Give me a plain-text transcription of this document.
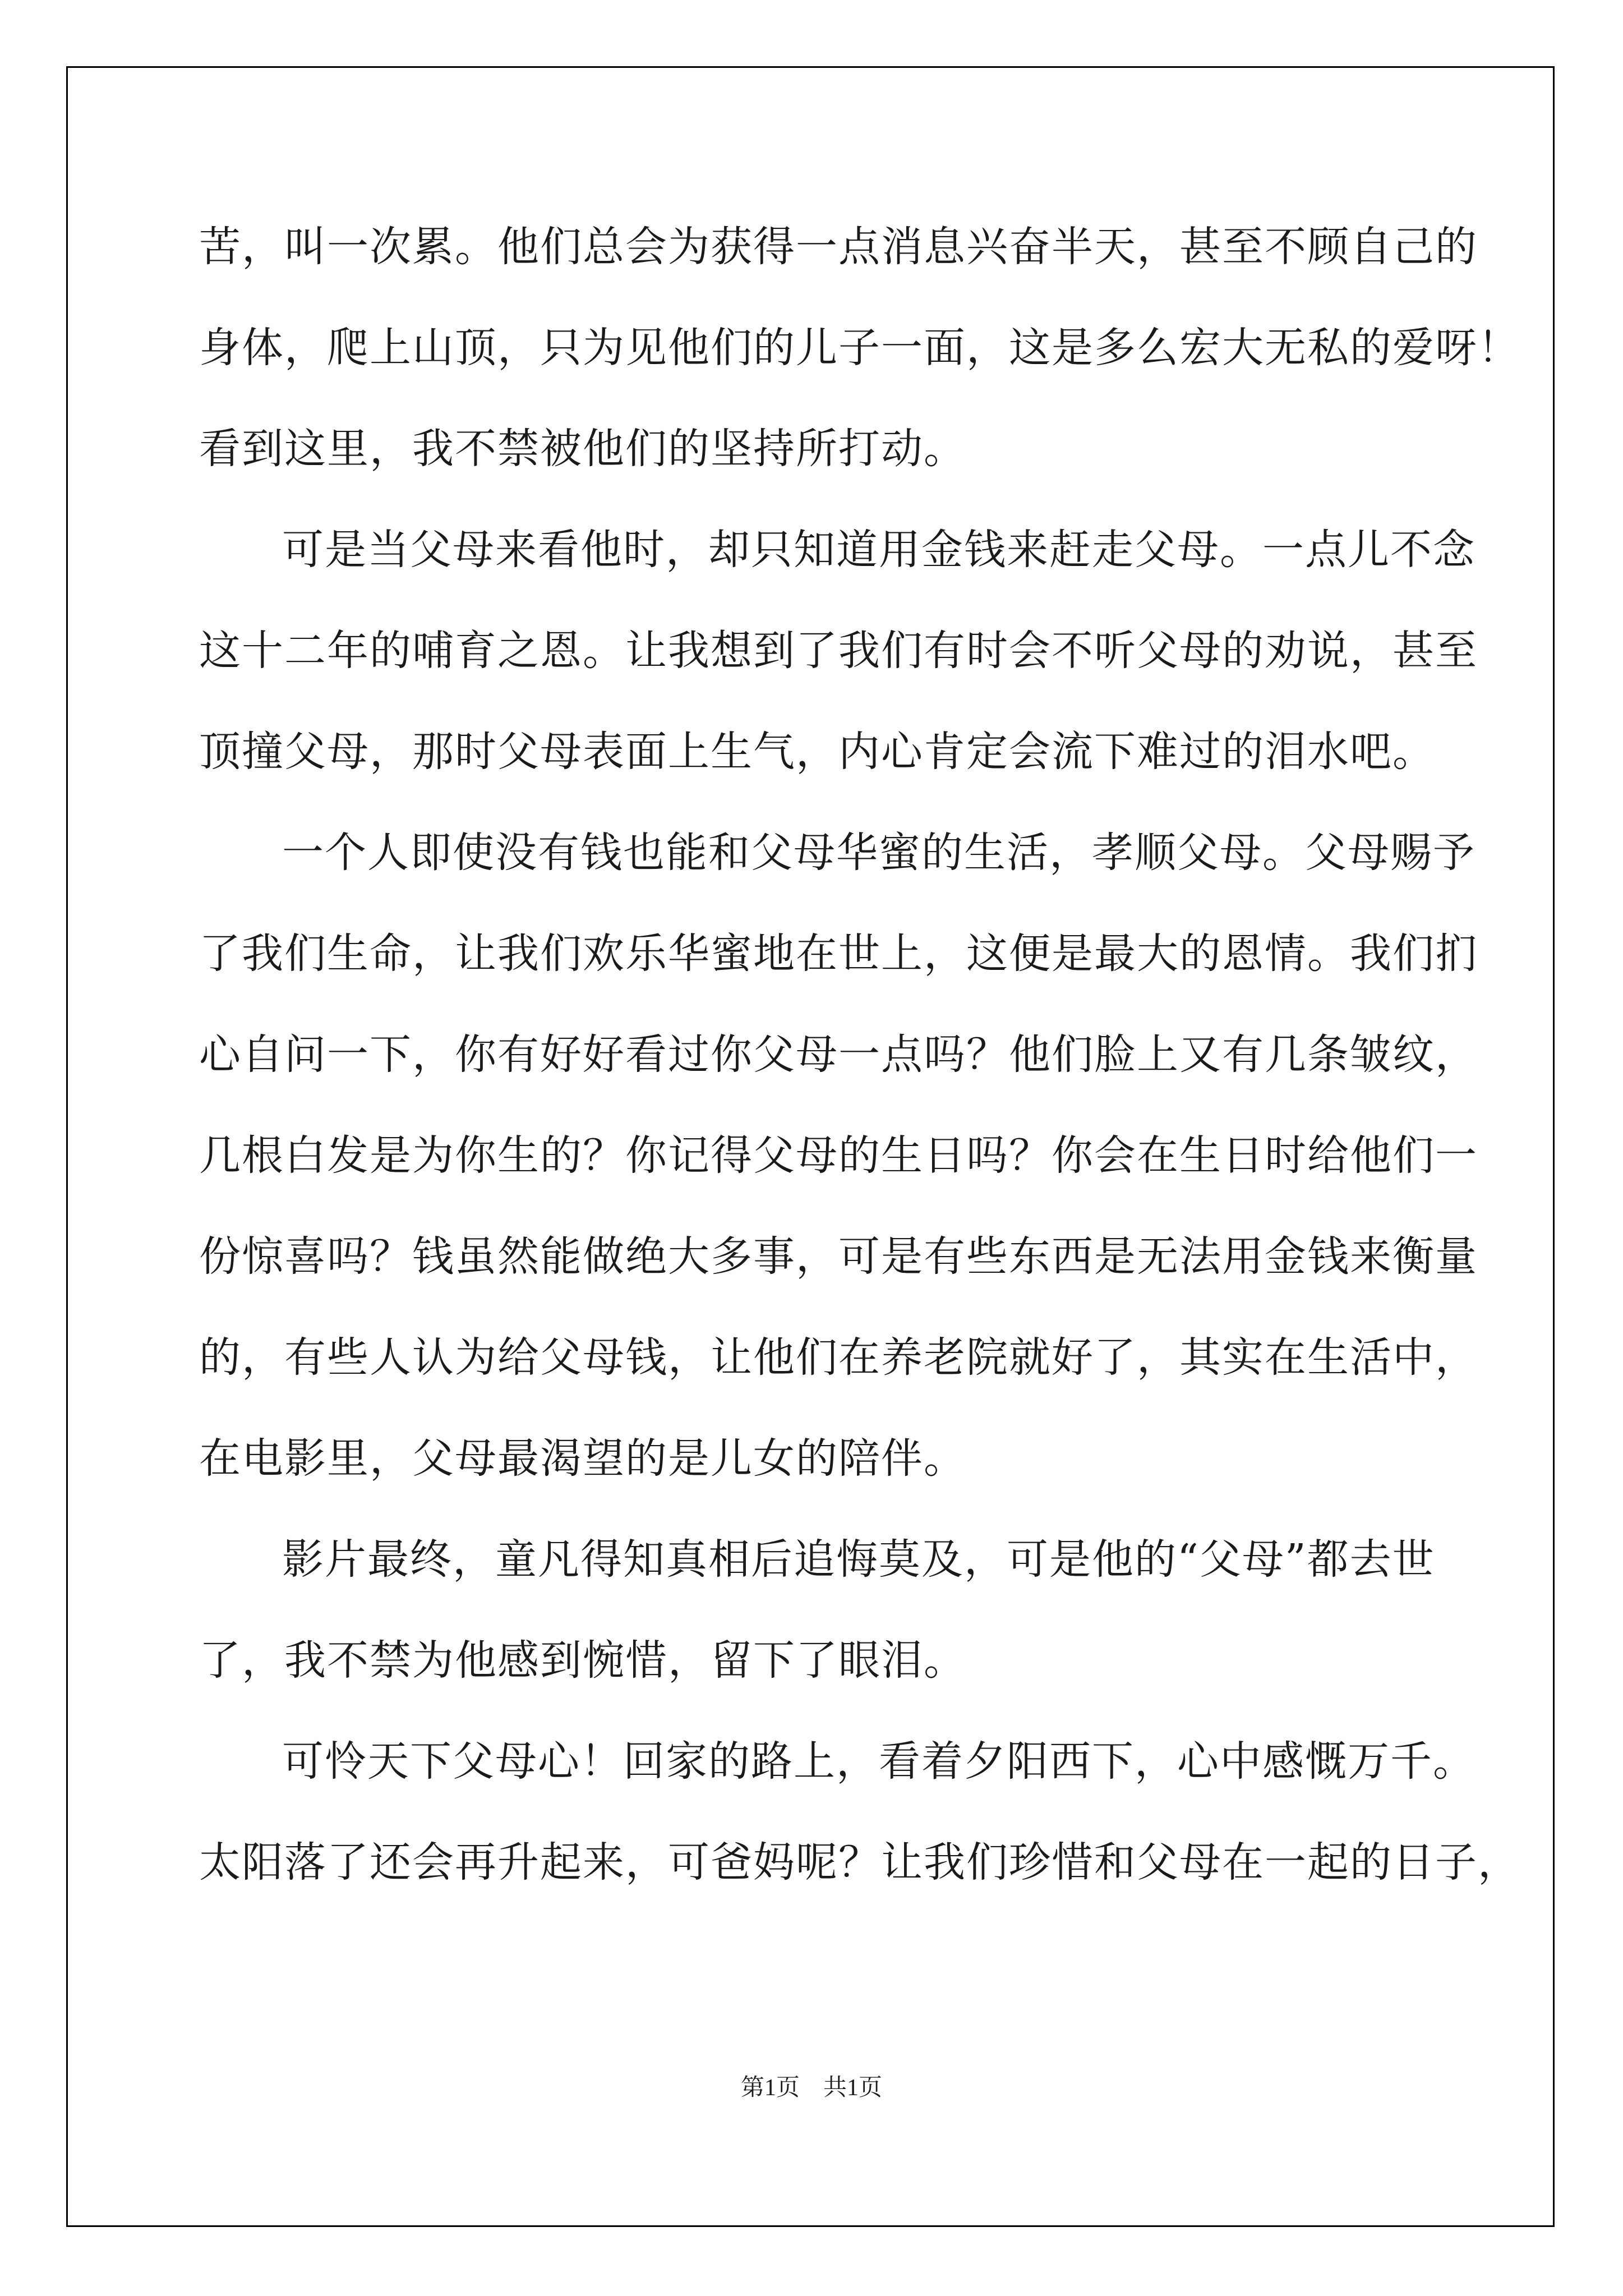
苦，叫一次累。他们总会为获得一点消息兴奋半天，甚至不顾自己的
身体，爬上山顶，只为见他们的儿子一面，这是多么宏大无私的爱呀！
看到这里，我不禁被他们的坚持所打动。
可是当父母来看他时，却只知道用金钱来赶走父母。一点儿不念
这十二年的哺育之恩。让我想到了我们有时会不听父母的劝说，甚至
顶撞父母，那时父母表面上生气，内心肯定会流下难过的泪水吧。
一个人即使没有钱也能和父母华蜜的生活，孝顺父母。父母赐予
了我们生命，让我们欢乐华蜜地在世上，这便是最大的恩情。我们扪
心自问一下，你有好好看过你父母一点吗？他们脸上又有几条皱纹，
几根白发是为你生的？你记得父母的生日吗？你会在生日时给他们一
份惊喜吗？钱虽然能做绝大多事，可是有些东西是无法用金钱来衡量
的，有些人认为给父母钱，让他们在养老院就好了，其实在生活中，
在电影里，父母最渴望的是儿女的陪伴。
影片最终，童凡得知真相后追悔莫及，可是他的“父母”都去世
了，我不禁为他感到惋惜，留下了眼泪。
可怜天下父母心！回家的路上，看着夕阳西下，心中感慨万千。
太阳落了还会再升起来，可爸妈呢？让我们珍惜和父母在一起的日子，
第1页　共1页
